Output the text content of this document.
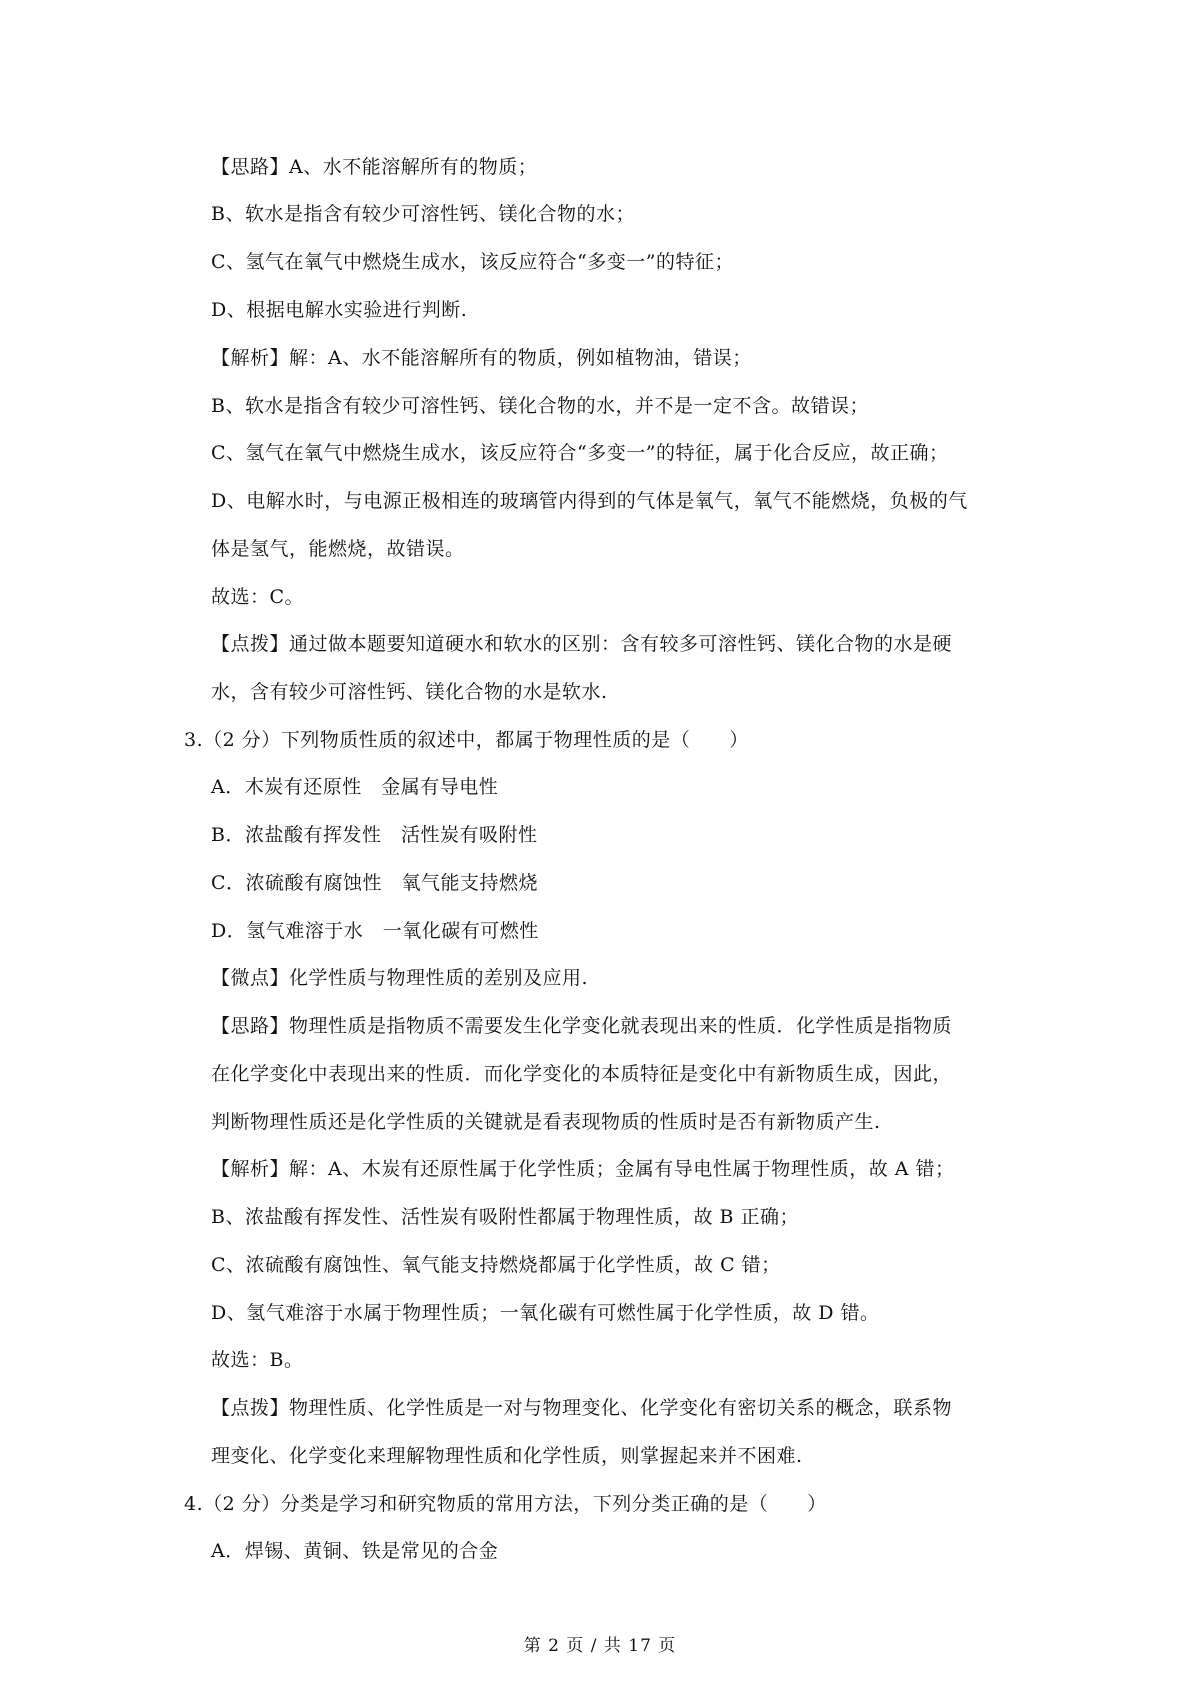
【思路】A、水不能溶解所有的物质；
B、软水是指含有较少可溶性钙、镁化合物的水；
C、氢气在氧气中燃烧生成水，该反应符合“多变一”的特征；
D、根据电解水实验进行判断.
【解析】解：A、水不能溶解所有的物质，例如植物油，错误；
B、软水是指含有较少可溶性钙、镁化合物的水，并不是一定不含。故错误；
C、氢气在氧气中燃烧生成水，该反应符合“多变一”的特征，属于化合反应，故正确；
D、电解水时，与电源正极相连的玻璃管内得到的气体是氧气，氧气不能燃烧，负极的气
体是氢气，能燃烧，故错误。
故选：C。
【点拨】通过做本题要知道硬水和软水的区别：含有较多可溶性钙、镁化合物的水是硬
水，含有较少可溶性钙、镁化合物的水是软水.
3.（2 分）下列物质性质的叙述中，都属于物理性质的是（　　）
A．木炭有还原性　金属有导电性
B．浓盐酸有挥发性　活性炭有吸附性
C．浓硫酸有腐蚀性　氧气能支持燃烧
D．氢气难溶于水　一氧化碳有可燃性
【微点】化学性质与物理性质的差别及应用.
【思路】物理性质是指物质不需要发生化学变化就表现出来的性质．化学性质是指物质
在化学变化中表现出来的性质．而化学变化的本质特征是变化中有新物质生成，因此，
判断物理性质还是化学性质的关键就是看表现物质的性质时是否有新物质产生.
【解析】解：A、木炭有还原性属于化学性质；金属有导电性属于物理性质，故 A 错；
B、浓盐酸有挥发性、活性炭有吸附性都属于物理性质，故 B 正确；
C、浓硫酸有腐蚀性、氧气能支持燃烧都属于化学性质，故 C 错；
D、氢气难溶于水属于物理性质；一氧化碳有可燃性属于化学性质，故 D 错。
故选：B。
【点拨】物理性质、化学性质是一对与物理变化、化学变化有密切关系的概念，联系物
理变化、化学变化来理解物理性质和化学性质，则掌握起来并不困难.
4.（2 分）分类是学习和研究物质的常用方法，下列分类正确的是（　　）
A．焊锡、黄铜、铁是常见的合金
第 2 页 / 共 17 页
